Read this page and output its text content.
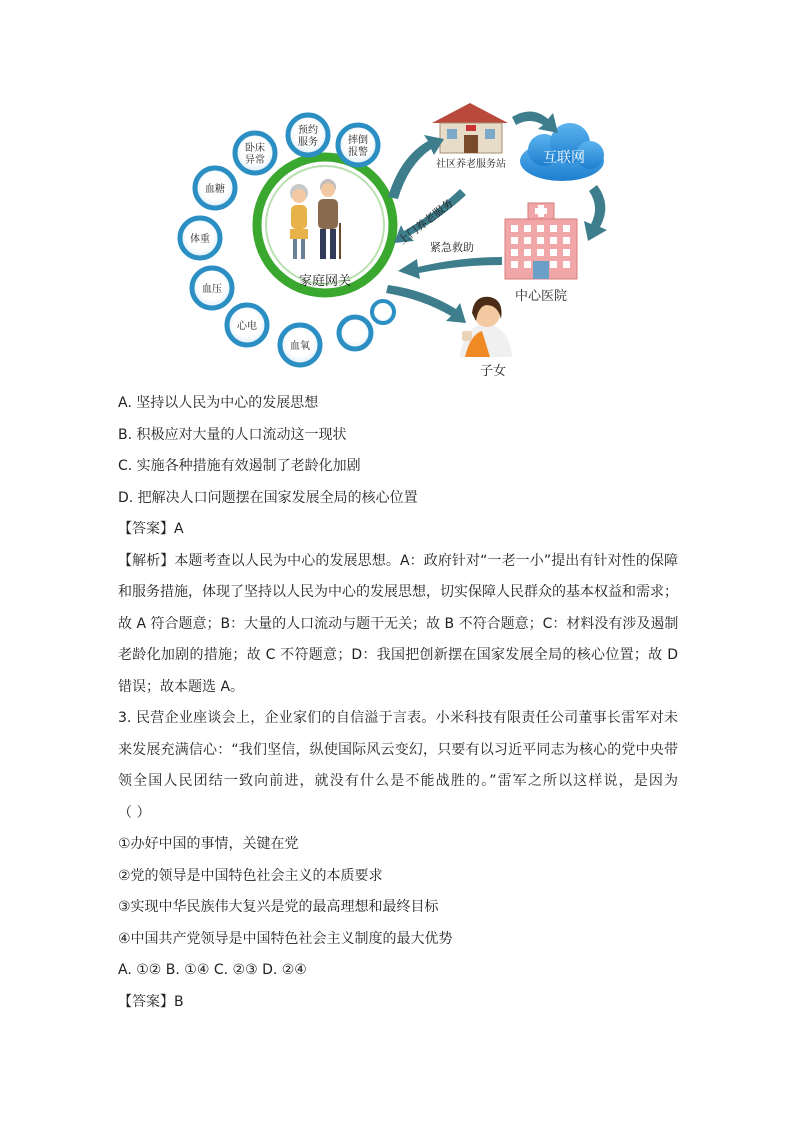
家庭网关
卧床异常
预约服务	摔倒报警
血糖
体重
血压
心电
血氧
社区养老服务站	互联网
中心医院
子女
上门养老服务
紧急救助
A. 坚持以人民为中心的发展思想
B. 积极应对大量的人口流动这一现状
C. 实施各种措施有效遏制了老龄化加剧
D. 把解决人口问题摆在国家发展全局的核心位置
【答案】A
【解析】本题考查以人民为中心的发展思想。A：政府针对“一老一小”提出有针对性的保障
和服务措施，体现了坚持以人民为中心的发展思想，切实保障人民群众的基本权益和需求；
故 A 符合题意；B：大量的人口流动与题干无关；故 B 不符合题意；C：材料没有涉及遏制
老龄化加剧的措施；故 C 不符题意；D：我国把创新摆在国家发展全局的核心位置；故 D
错误；故本题选 A。
3. 民营企业座谈会上，企业家们的自信溢于言表。小米科技有限责任公司董事长雷军对未
来发展充满信心：“我们坚信，纵使国际风云变幻，只要有以习近平同志为核心的党中央带
领全国人民团结一致向前进，就没有什么是不能战胜的。”雷军之所以这样说，是因为
（ ）
①办好中国的事情，关键在党
②党的领导是中国特色社会主义的本质要求
③实现中华民族伟大复兴是党的最高理想和最终目标
④中国共产党领导是中国特色社会主义制度的最大优势
A. ①② B. ①④ C. ②③ D. ②④
【答案】B
